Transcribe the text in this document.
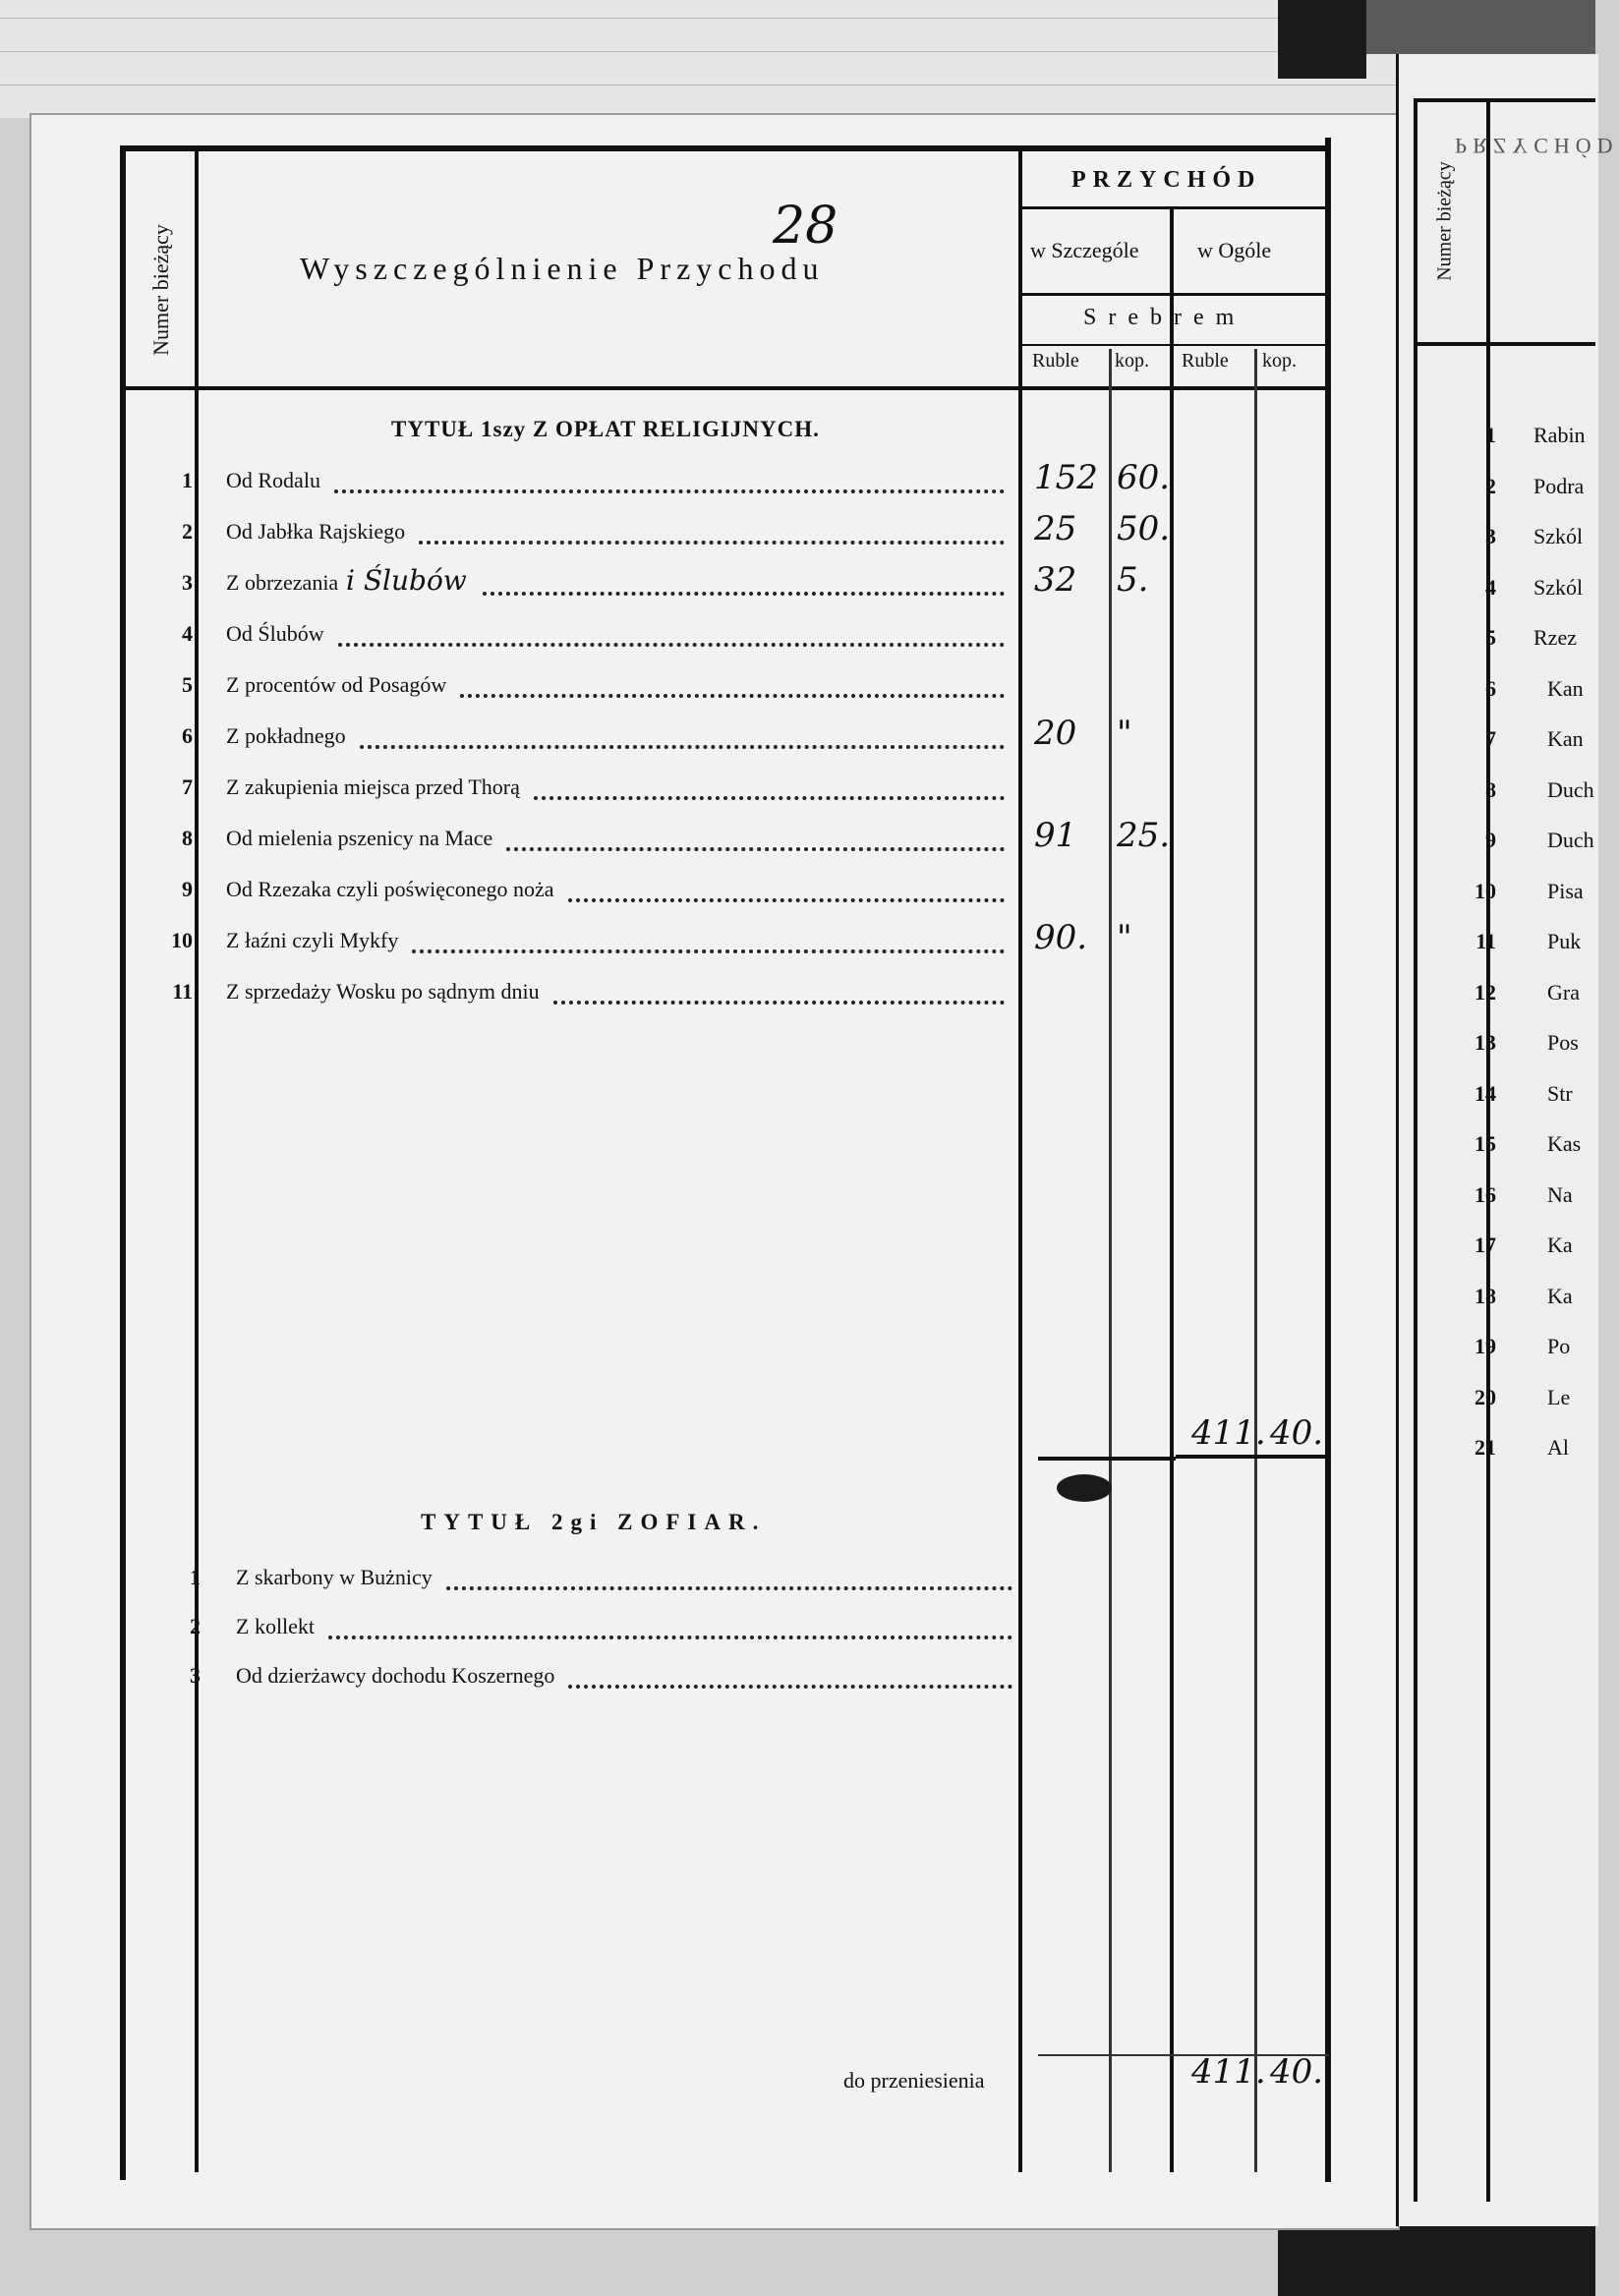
Numer bieżący	Wyszczególnienie Przychodu
28
PRZYCHÓD
w Szczególe	w Ogóle
Srebrem
Ruble kop. Ruble kop.
TYTUŁ 1szy Z OPŁAT RELIGIJNYCH.
1 Od Rodalu	152 60.
2 Od Jabłka Rajskiego	25 50.
3 Z obrzezania i Ślubów	32 5.
4 Od Ślubów
5 Z procentów od Posagów
6 Z pokładnego	20 "
7 Z zakupienia miejsca przed Thorą
8 Od mielenia pszenicy na Mace	91 25.
9 Od Rzezaka czyli poświęconego noża
10 Z łaźni czyli Mykfy	90. "
11 Z sprzedaży Wosku po sądnym dniu
411. 40.
TYTUŁ 2gi ZOFIAR.
1 Z skarbony w Bużnicy
2 Z kollekt
3 Od dzierżawcy dochodu Koszernego
do przeniesienia	411. 40.
Numer bieżący
PRZYCHÓD
1 Rabin
2 Podra
3 Szkól
4 Szkól
5 Rzez
6 Kan
7 Kan
8 Duch
9 Duch
10 Pisa
11 Puk
12 Gra
13 Pos
14 Str
15 Kas
16 Na
17 Ka
18 Ka
19 Po
20 Le
21 Al
